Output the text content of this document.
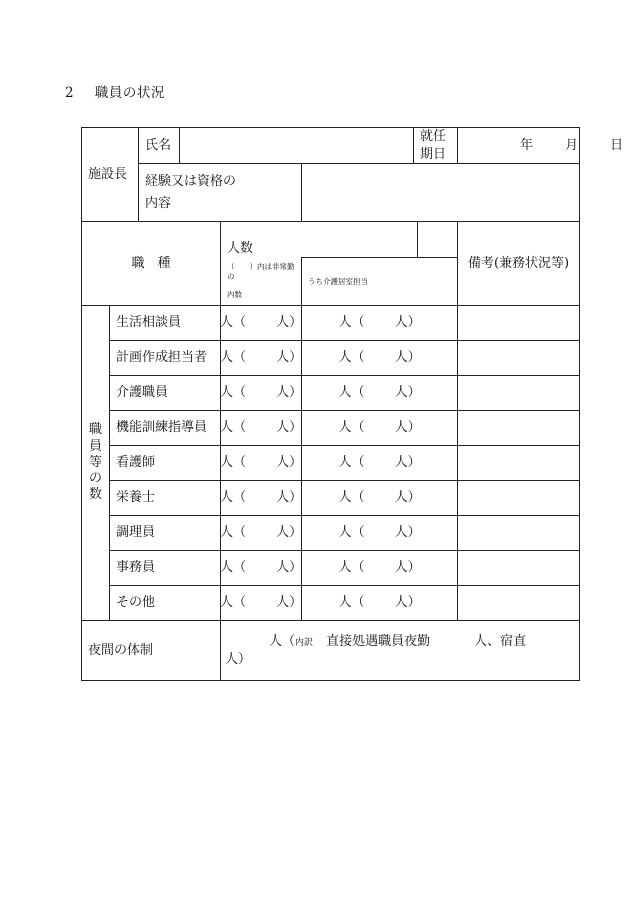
2 職員の状況
施設長		氏名				就任期日		年 月 日

		経験又は資格の
内容						

職　種				人数				備考(兼務状況等)

				（　　）内は非常勤の
内数	うち介護居室担当			

職
員
等
の
数	生活相談員			人 （　　 人）	人 （　　 人）			

	計画作成担当者			人 （　　 人）	人 （　　 人）			

	介護職員			人 （　　 人）	人 （　　 人）			

	機能訓練指導員			人 （　　 人）	人 （　　 人）			

	看護師			人 （　　 人）	人 （　　 人）			

	栄養士			人 （　　 人）	人 （　　 人）			

	調理員			人 （　　 人）	人 （　　 人）			

	事務員			人 （　　 人）	人 （　　 人）			

	その他			人 （　　 人）	人 （　　 人）			

夜間の体制				人（内訳　 直接処遇職員夜勤 人、宿直
人）				
